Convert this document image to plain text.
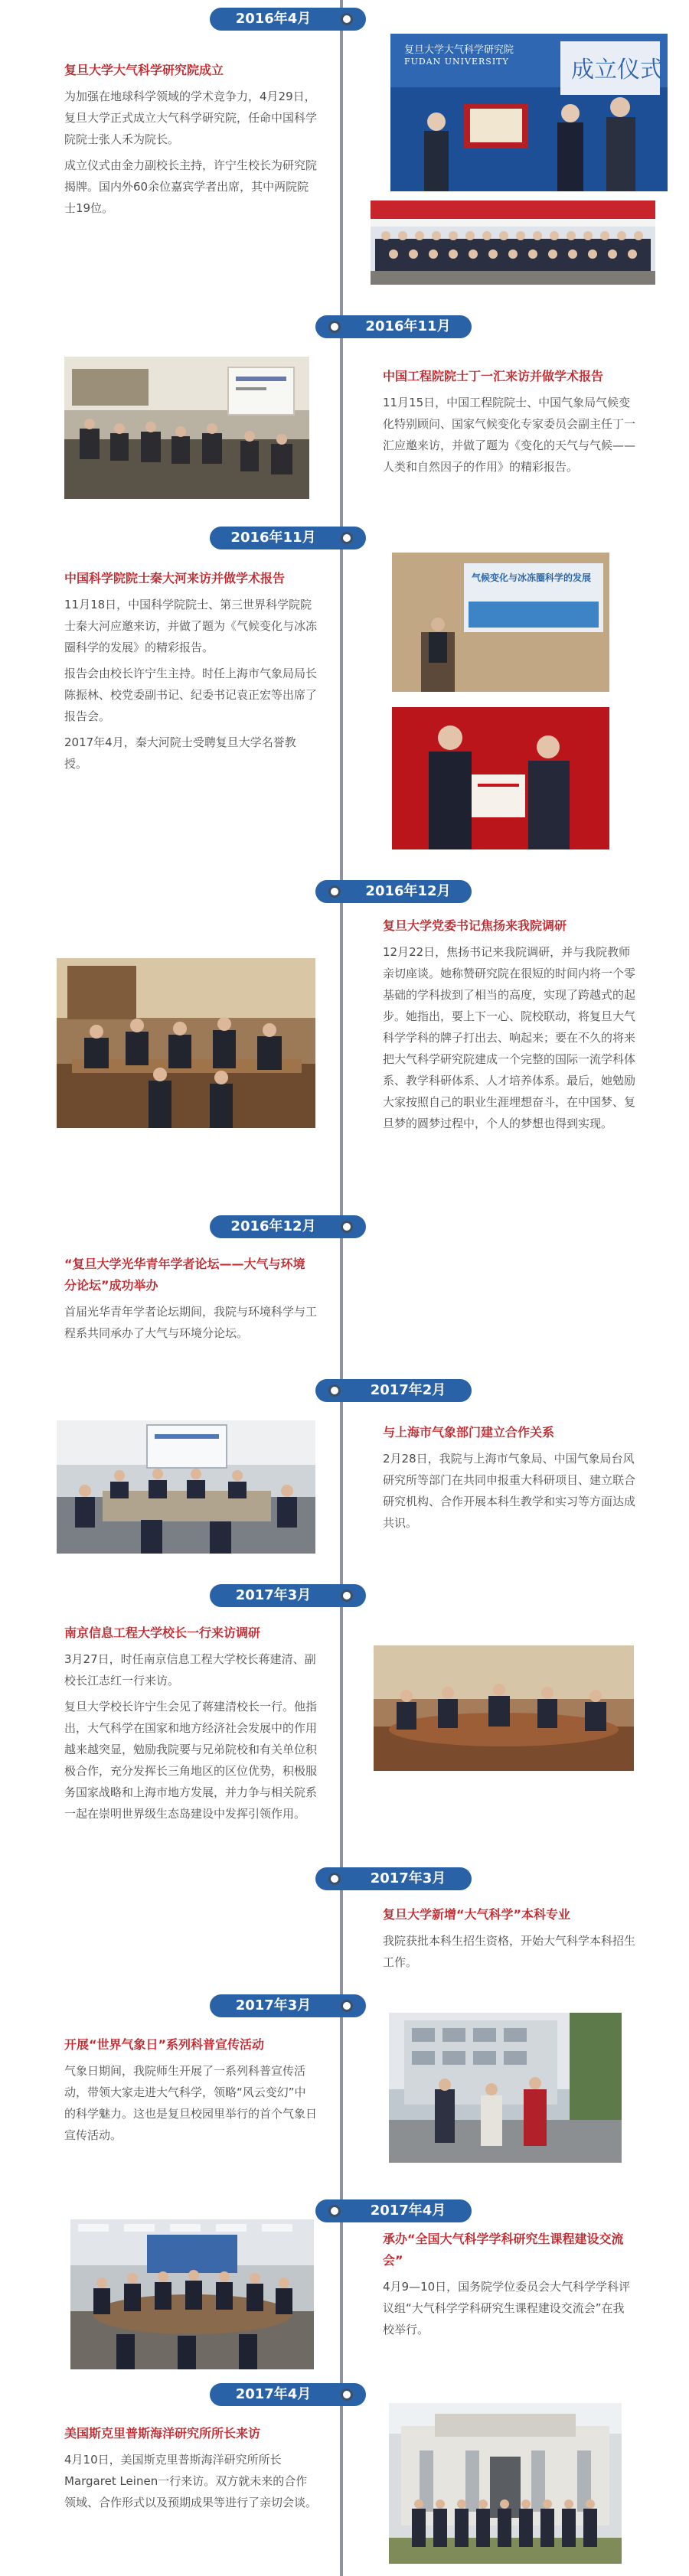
2016年4月
复旦大学大气科学研究院成立

为加强在地球科学领域的学术竞争力，4月29日，复旦大学正式成立大气科学研究院，任命中国科学院院士张人禾为院长。

成立仪式由金力副校长主持，许宁生校长为研究院揭牌。国内外60余位嘉宾学者出席，其中两院院士19位。

复旦大学大气科学研究院
FUDAN UNIVERSITY	成立仪式
2016年11月
中国工程院院士丁一汇来访并做学术报告

11月15日，中国工程院院士、中国气象局气候变化特别顾问、国家气候变化专家委员会副主任丁一汇应邀来访，并做了题为《变化的天气与气候——人类和自然因子的作用》的精彩报告。

2016年11月
中国科学院院士秦大河来访并做学术报告

11月18日，中国科学院院士、第三世界科学院院士秦大河应邀来访，并做了题为《气候变化与冰冻圈科学的发展》的精彩报告。

报告会由校长许宁生主持。时任上海市气象局局长陈振林、校党委副书记、纪委书记袁正宏等出席了报告会。

2017年4月，秦大河院士受聘复旦大学名誉教授。

气候变化与冰冻圈科学的发展
2016年12月
复旦大学党委书记焦扬来我院调研

12月22日，焦扬书记来我院调研，并与我院教师亲切座谈。她称赞研究院在很短的时间内将一个零基础的学科拔到了相当的高度，实现了跨越式的起步。她指出，要上下一心、院校联动，将复旦大气科学学科的牌子打出去、响起来；要在不久的将来把大气科学研究院建成一个完整的国际一流学科体系、教学科研体系、人才培养体系。最后，她勉励大家按照自己的职业生涯埋想奋斗，在中国梦、复旦梦的圆梦过程中，个人的梦想也得到实现。

2016年12月
“复旦大学光华青年学者论坛——大气与环境分论坛”成功举办

首届光华青年学者论坛期间，我院与环境科学与工程系共同承办了大气与环境分论坛。

2017年2月
与上海市气象部门建立合作关系

2月28日，我院与上海市气象局、中国气象局台风研究所等部门在共同申报重大科研项目、建立联合研究机构、合作开展本科生教学和实习等方面达成共识。

2017年3月
南京信息工程大学校长一行来访调研

3月27日，时任南京信息工程大学校长蒋建清、副校长江志红一行来访。

复旦大学校长许宁生会见了蒋建清校长一行。他指出，大气科学在国家和地方经济社会发展中的作用越来越突显，勉励我院要与兄弟院校和有关单位积极合作，充分发挥长三角地区的区位优势，积极服务国家战略和上海市地方发展，并力争与相关院系一起在崇明世界级生态岛建设中发挥引领作用。

2017年3月
复旦大学新增“大气科学”本科专业

我院获批本科生招生资格，开始大气科学本科招生工作。

2017年3月
开展“世界气象日”系列科普宣传活动

气象日期间，我院师生开展了一系列科普宣传活动，带领大家走进大气科学，领略“风云变幻”中的科学魅力。这也是复旦校园里举行的首个气象日宣传活动。

2017年4月
承办“全国大气科学学科研究生课程建设交流会”

4月9—10日，国务院学位委员会大气科学学科评议组“大气科学学科研究生课程建设交流会”在我校举行。

2017年4月
美国斯克里普斯海洋研究所所长来访

4月10日，美国斯克里普斯海洋研究所所长Margaret Leinen一行来访。双方就未来的合作领域、合作形式以及预期成果等进行了亲切会谈。
